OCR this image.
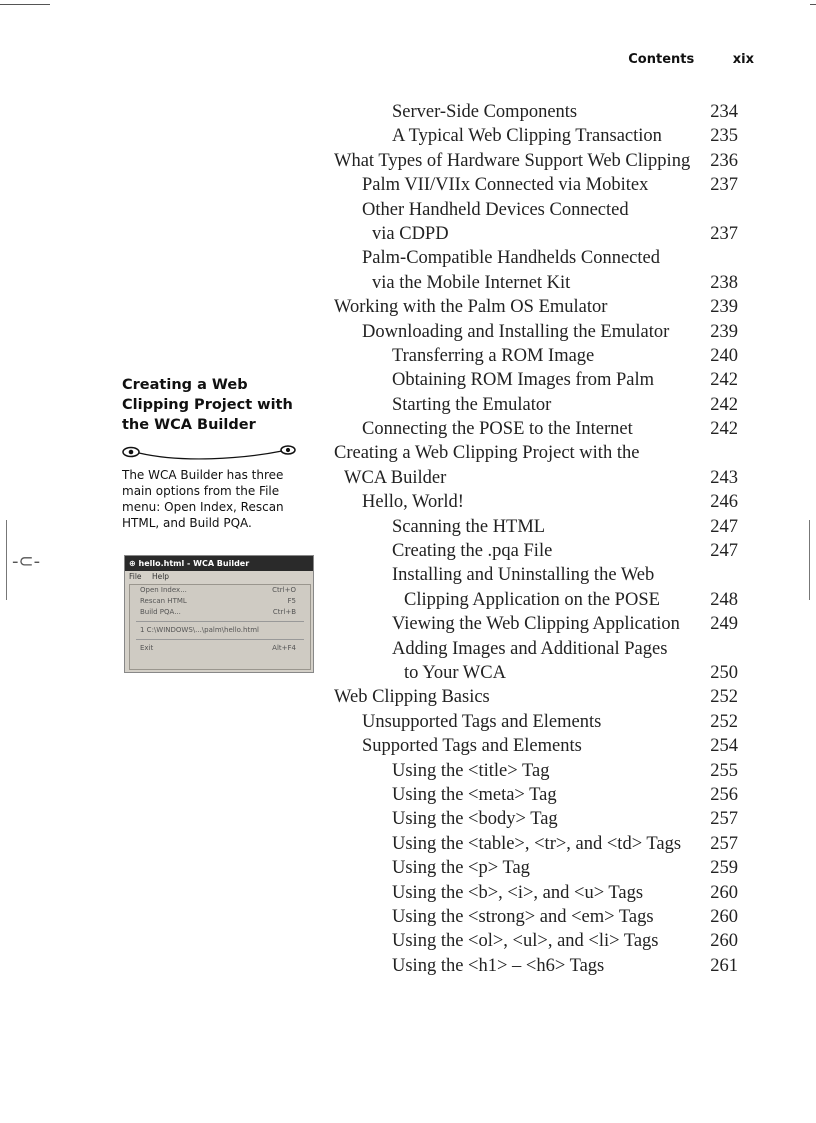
-⊂-
Contents	xix
Creating a Web
Clipping Project with
the WCA Builder

The WCA Builder has three main options from the File menu: Open Index, Rescan HTML, and Build PQA.

⊕ hello.html - WCA Builder
File Help
Open Index...	Ctrl+O
Rescan HTML	F5
Build PQA...	Ctrl+B
1 C:\WINDOWS\...\palm\hello.html
Exit	Alt+F4
Server-Side Components	234
A Typical Web Clipping Transaction	235
What Types of Hardware Support Web Clipping 236
Palm VII/VIIx Connected via Mobitex	237
Other Handheld Devices Connected
via CDPD	237
Palm-Compatible Handhelds Connected
via the Mobile Internet Kit	238
Working with the Palm OS Emulator	239
Downloading and Installing the Emulator 239
Transferring a ROM Image	240
Obtaining ROM Images from Palm	242
Starting the Emulator	242
Connecting the POSE to the Internet	242
Creating a Web Clipping Project with the
WCA Builder	243
Hello, World!	246
Scanning the HTML	247
Creating the .pqa File	247
Installing and Uninstalling the Web
Clipping Application on the POSE	248
Viewing the Web Clipping Application 249
Adding Images and Additional Pages
to Your WCA	250
Web Clipping Basics	252
Unsupported Tags and Elements	252
Supported Tags and Elements	254
Using the <title> Tag	255
Using the <meta> Tag	256
Using the <body> Tag	257
Using the <table>, <tr>, and <td> Tags 257
Using the <p> Tag	259
Using the <b>, <i>, and <u> Tags	260
Using the <strong> and <em> Tags	260
Using the <ol>, <ul>, and <li> Tags	260
Using the <h1> – <h6> Tags	261
